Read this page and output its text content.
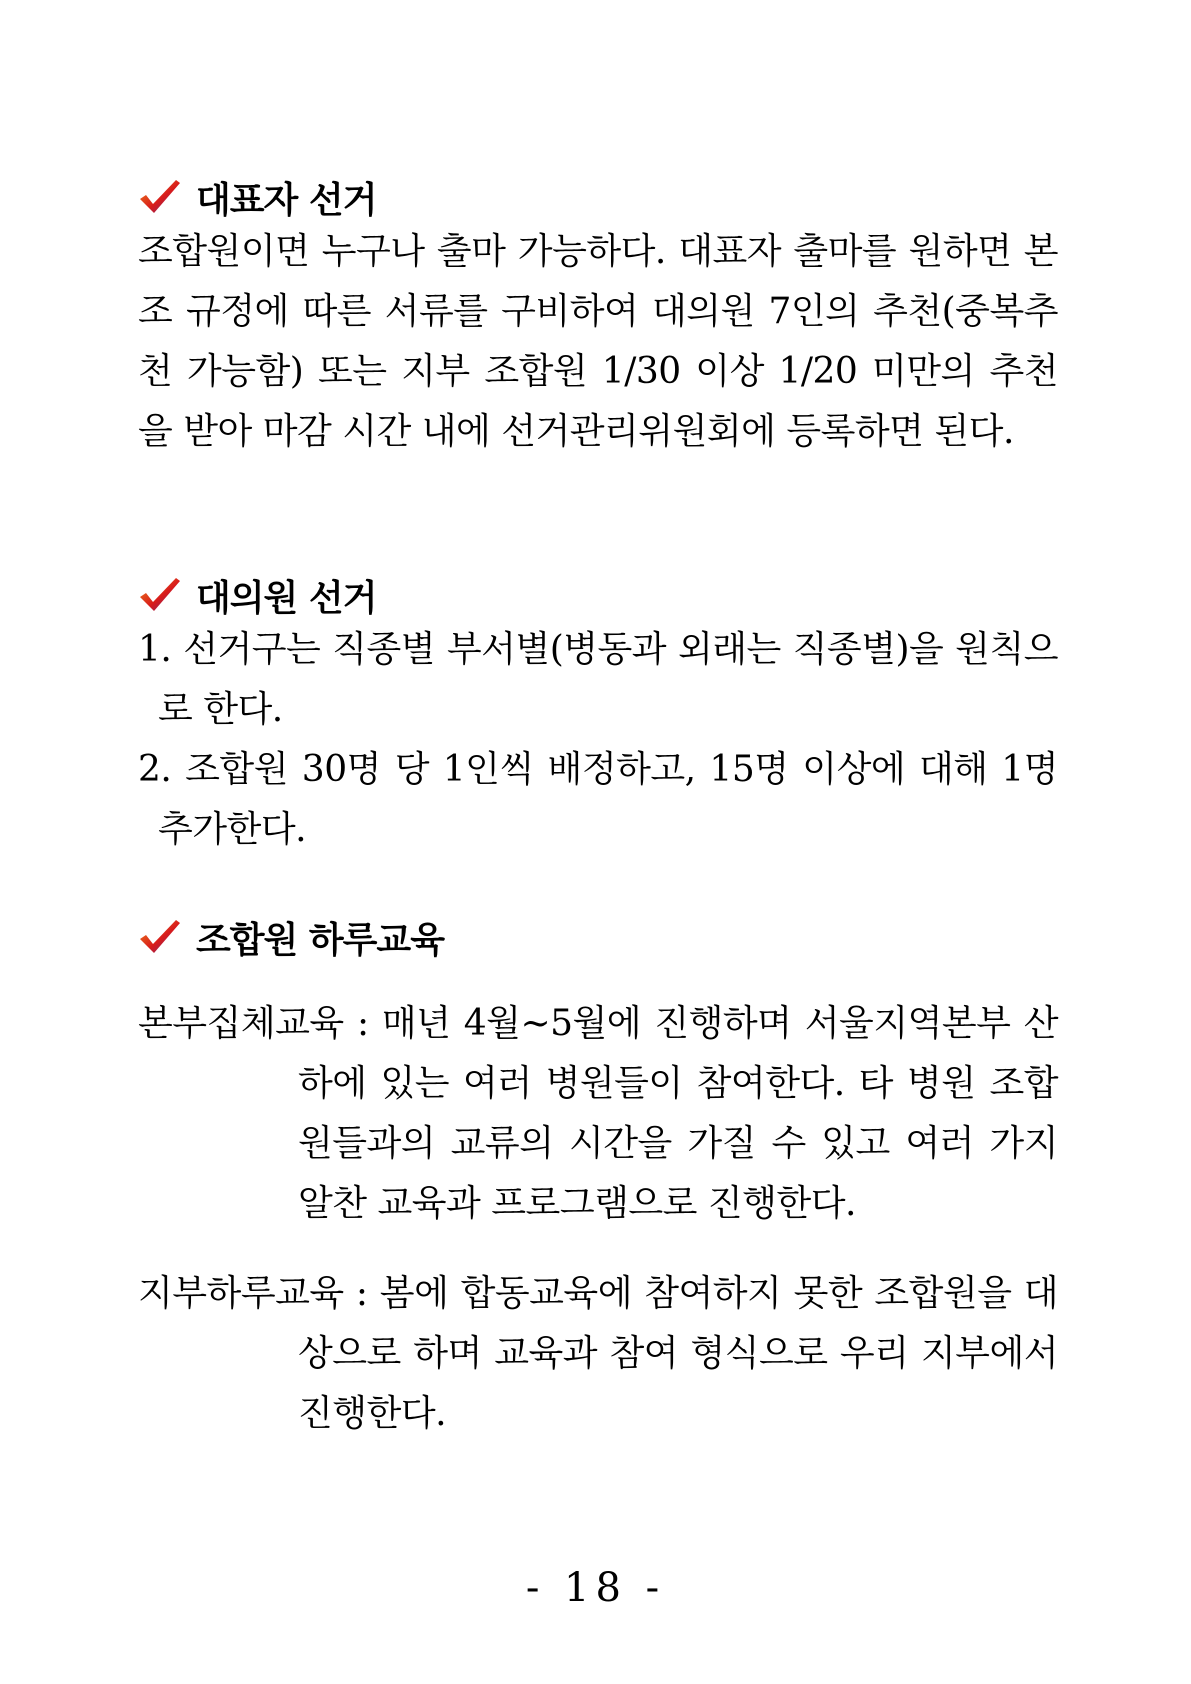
대표자 선거
조합원이면 누구나 출마 가능하다. 대표자 출마를 원하면 본조 규정에 따른 서류를 구비하여 대의원 7인의 추천(중복추천 가능함) 또는 지부 조합원 1/30 이상 1/20 미만의 추천을 받아 마감 시간 내에 선거관리위원회에 등록하면 된다.
대의원 선거
1. 선거구는 직종별 부서별(병동과 외래는 직종별)을 원칙으로 한다.
2. 조합원 30명 당 1인씩 배정하고, 15명 이상에 대해 1명 추가한다.
조합원 하루교육
본부집체교육 : 매년 4월~5월에 진행하며 서울지역본부 산하에 있는 여러 병원들이 참여한다. 타 병원 조합원들과의 교류의 시간을 가질 수 있고 여러 가지 알찬 교육과 프로그램으로 진행한다.
지부하루교육 : 봄에 합동교육에 참여하지 못한 조합원을 대상으로 하며 교육과 참여 형식으로 우리 지부에서 진행한다.
- 18 -
